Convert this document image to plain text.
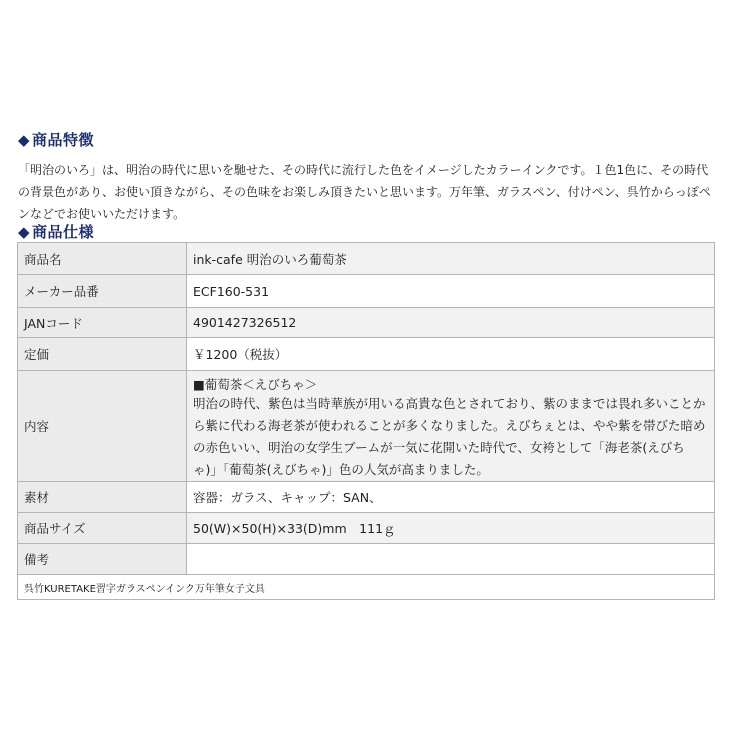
◆ 商品特徴
「明治のいろ」は、明治の時代に思いを馳せた、その時代に流行した色をイメージしたカラーインクです。１色1色に、その時代の背景色があり、お使い頂きながら、その色味をお楽しみ頂きたいと思います。万年筆、ガラスペン、付けペン、呉竹からっぽペンなどでお使いいただけます。
◆ 商品仕様
商品名	ink-cafe 明治のいろ葡萄茶
メーカー品番	ECF160-531
JANコード	4901427326512
定価	￥1200（税抜）
内容	■葡萄茶＜えびちゃ＞
明治の時代、紫色は当時華族が用いる高貴な色とされており、紫のままでは畏れ多いことから紫に代わる海老茶が使われることが多くなりました。えびちぇとは、やや紫を帯びた暗めの赤色いい、明治の女学生ブームが一気に花開いた時代で、女袴として「海老茶(えびちゃ)」「葡萄茶(えびちゃ)」色の人気が高まりました。

素材	容器：ガラス、キャップ：SAN、
商品サイズ	50(W)×50(H)×33(D)mm　111ｇ
備考	
呉竹KURETAKE習字ガラスペンインク万年筆女子文具	
